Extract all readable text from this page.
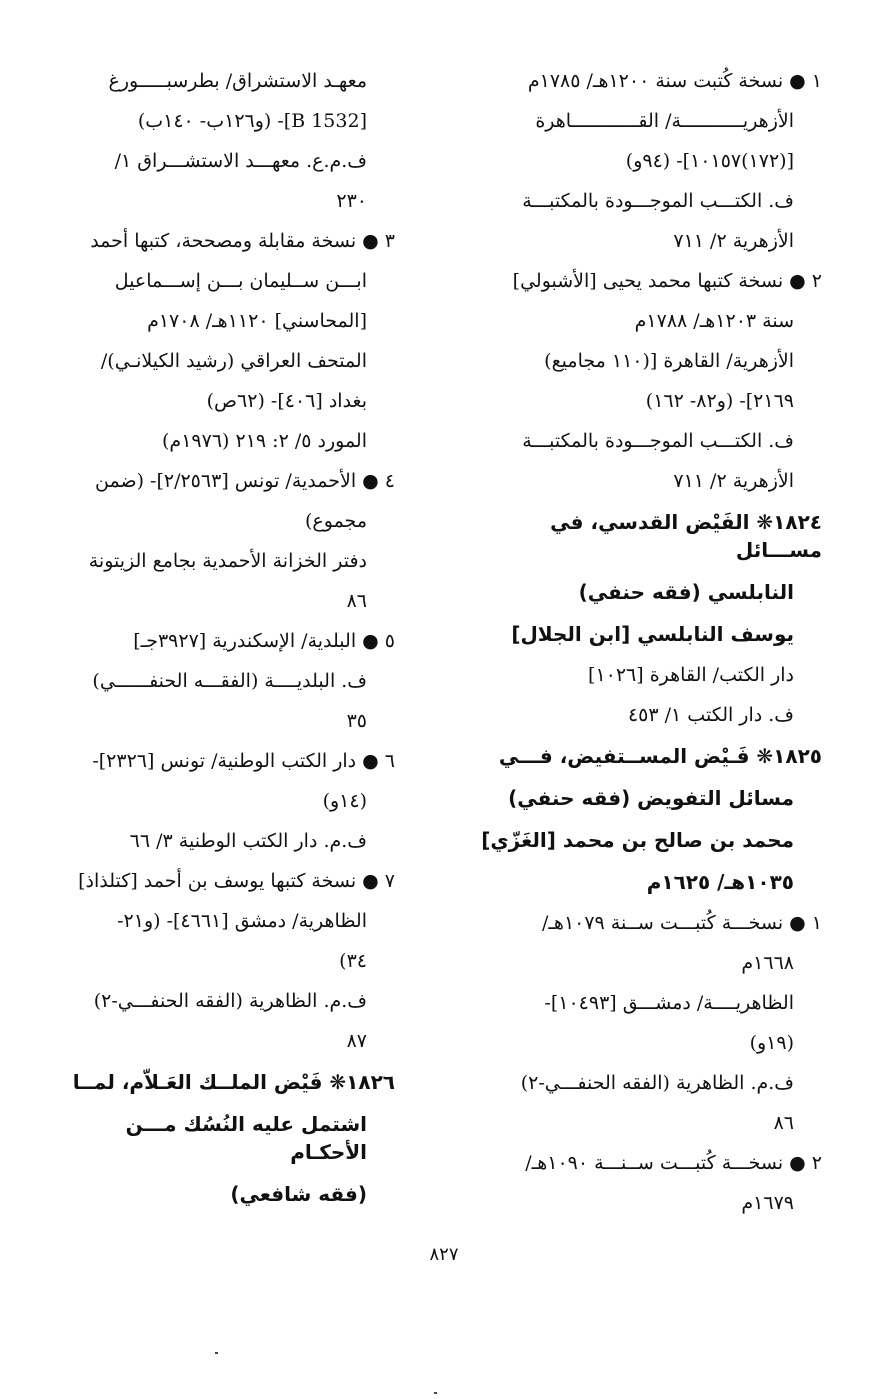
١ ● نسخة كُتبت سنة ١٢٠٠هـ/ ١٧٨٥م
الأزهريـــــــــــة/ القــــــــــــاهرة
[(١٧٢)١٠١٥٧]- (٩٤و)
ف. الكتـــب الموجـــودة بالمكتبـــة
الأزهرية ٢/ ٧١١
٢ ● نسخة كتبها محمد يحيى [الأشبولي]
سنة ١٢٠٣هـ/ ١٧٨٨م
الأزهرية/ القاهرة [(١١٠ مجاميع)
٢١٦٩]- (و٨٢- ١٦٢)
ف. الكتـــب الموجـــودة بالمكتبـــة
الأزهرية ٢/ ٧١١
١٨٢٤❋ الفَيْض القدسي، في مســـائل
النابلسي (فقه حنفي)
يوسف النابلسي [ابن الجلال]
دار الكتب/ القاهرة [١٠٢٦]
ف. دار الكتب ١/ ٤٥٣
١٨٢٥❋ فَـيْض المســتفيض، فـــي
مسائل التفويض (فقه حنفي)
محمد بن صالح بن محمد [الغَزّي]
١٠٣٥هـ/ ١٦٢٥م
١ ● نسخـــة كُتبـــت ســنة ١٠٧٩هـ/
١٦٦٨م
الظاهريــــة/ دمشـــق [١٠٤٩٣]-
(١٩و)
ف.م. الظاهرية (الفقه الحنفـــي-٢)
٨٦
٢ ● نسخـــة كُتبـــت ســنـــة ١٠٩٠هـ/
١٦٧٩م
معهـد الاستشراق/ بطرسبـــــورغ
[B 1532]- (و١٢٦ب- ١٤٠ب)
ف.م.ع. معهـــد الاستشـــراق ١/
٢٣٠
٣ ● نسخة مقابلة ومصححة، كتبها أحمد
ابـــن ســليمان بـــن إســـماعيل
[المحاسني] ١١٢٠هـ/ ١٧٠٨م
المتحف العراقي (رشيد الكيلانـي)/
بغداد [٤٠٦]- (٦٢ص)
المورد ٥/ ٢: ٢١٩ (١٩٧٦م)
٤ ● الأحمدية/ تونس [٢/٢٥٦٣]- (ضمن
مجموع)
دفتر الخزانة الأحمدية بجامع الزيتونة
٨٦
٥ ● البلدية/ الإسكندرية [٣٩٢٧جـ]
ف. البلديــــة (الفقـــه الحنفــــــي)
٣٥
٦ ● دار الكتب الوطنية/ تونس [٢٣٢٦]-
(١٤و)
ف.م. دار الكتب الوطنية ٣/ ٦٦
٧ ● نسخة كتبها يوسف بن أحمد [كتلذاذ]
الظاهرية/ دمشق [٤٦٦١]- (و٢١-
٣٤)
ف.م. الظاهرية (الفقه الحنفـــي-٢)
٨٧
١٨٢٦❋ فَيْض الملــك العَـلاّم، لمــا
اشتمل عليه النُسُك مـــن الأحكـام
(فقه شافعي)
٨٢٧
